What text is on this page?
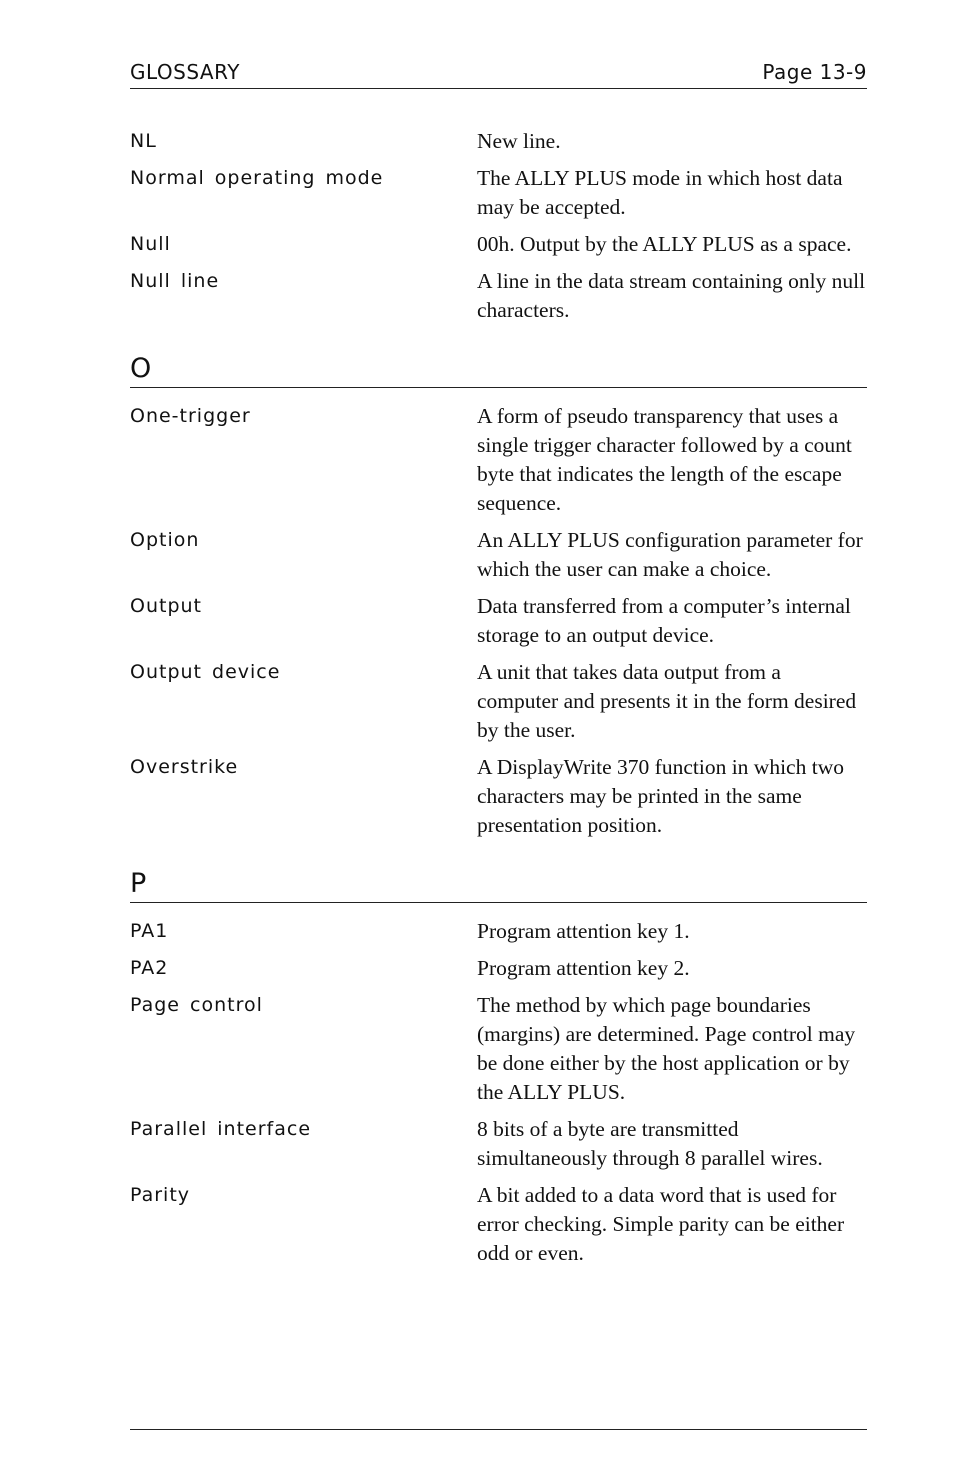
GLOSSARY	Page 13-9
NL	New line.
Normal operating mode	The ALLY PLUS mode in which host data may be accepted.
Null	00h. Output by the ALLY PLUS as a space.
Null line	A line in the data stream containing only null characters.
O
One-trigger	A form of pseudo transparency that uses a single trigger character followed by a count byte that indicates the length of the escape sequence.
Option	An ALLY PLUS configuration parameter for which the user can make a choice.
Output	Data transferred from a computer’s internal storage to an output device.
Output device	A unit that takes data output from a computer and presents it in the form desired by the user.
Overstrike	A DisplayWrite 370 function in which two characters may be printed in the same presentation position.
P
PA1	Program attention key 1.
PA2	Program attention key 2.
Page control	The method by which page boundaries (margins) are determined. Page control may be done either by the host application or by the ALLY PLUS.
Parallel interface	8 bits of a byte are transmitted simultaneously through 8 parallel wires.
Parity	A bit added to a data word that is used for error checking. Simple parity can be either odd or even.
